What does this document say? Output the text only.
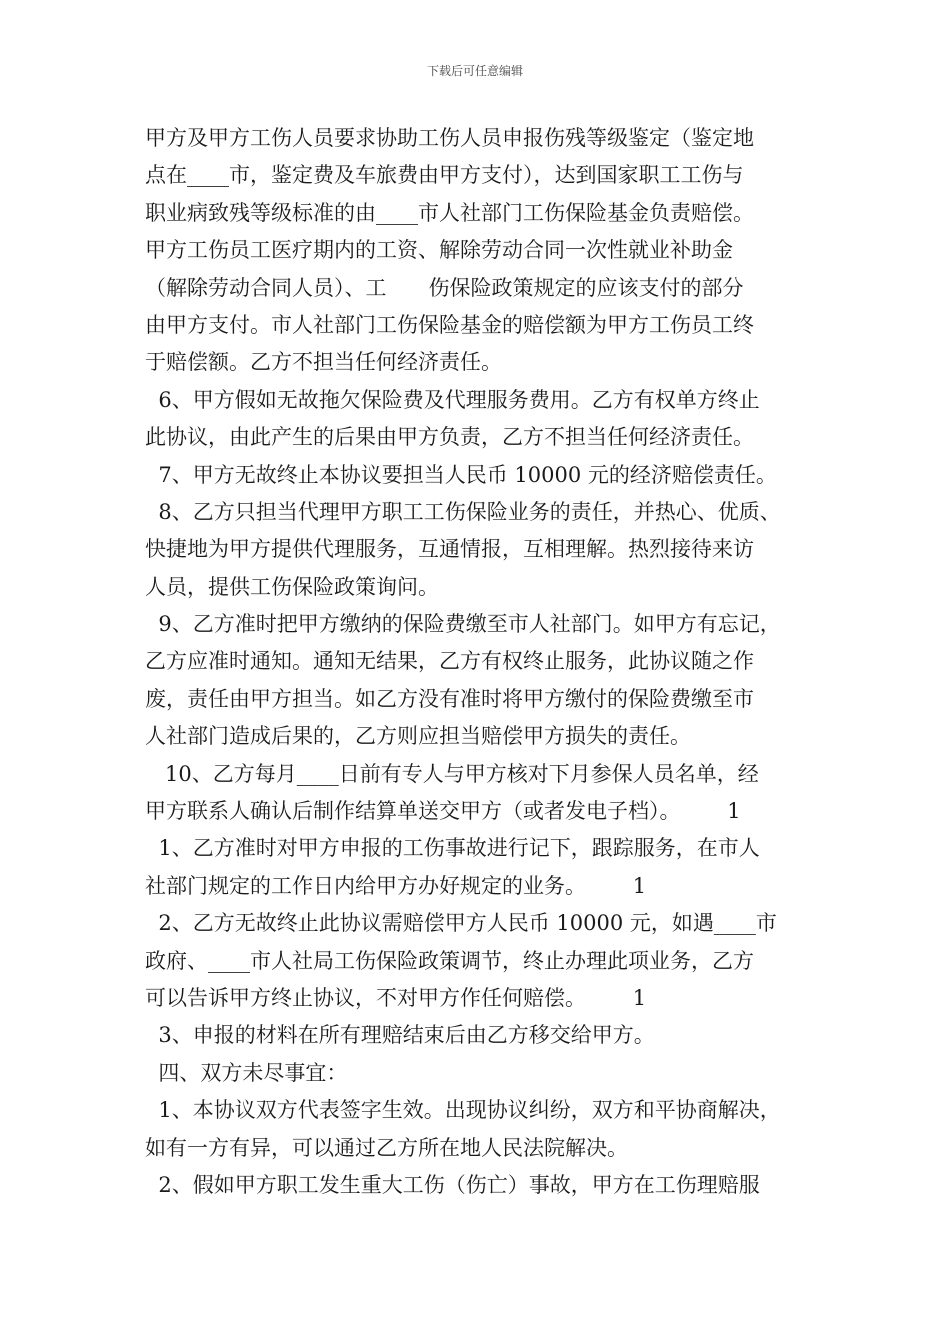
下载后可任意编辑
甲方及甲方工伤人员要求协助工伤人员申报伤残等级鉴定（鉴定地
点在____市，鉴定费及车旅费由甲方支付），达到国家职工工伤与
职业病致残等级标准的由____市人社部门工伤保险基金负责赔偿。
甲方工伤员工医疗期内的工资、解除劳动合同一次性就业补助金
（解除劳动合同人员）、工　　伤保险政策规定的应该支付的部分
由甲方支付。市人社部门工伤保险基金的赔偿额为甲方工伤员工终
于赔偿额。乙方不担当任何经济责任。
6、甲方假如无故拖欠保险费及代理服务费用。乙方有权单方终止
此协议，由此产生的后果由甲方负责，乙方不担当任何经济责任。
7、甲方无故终止本协议要担当人民币 10000 元的经济赔偿责任。
8、乙方只担当代理甲方职工工伤保险业务的责任，并热心、优质、
快捷地为甲方提供代理服务，互通情报，互相理解。热烈接待来访
人员，提供工伤保险政策询问。
9、乙方准时把甲方缴纳的保险费缴至市人社部门。如甲方有忘记，
乙方应准时通知。通知无结果，乙方有权终止服务，此协议随之作
废，责任由甲方担当。如乙方没有准时将甲方缴付的保险费缴至市
人社部门造成后果的，乙方则应担当赔偿甲方损失的责任。
10、乙方每月____日前有专人与甲方核对下月参保人员名单，经
甲方联系人确认后制作结算单送交甲方（或者发电子档）。       1
1、乙方准时对甲方申报的工伤事故进行记下，跟踪服务，在市人
社部门规定的工作日内给甲方办好规定的业务。       1
2、乙方无故终止此协议需赔偿甲方人民币 10000 元，如遇____市
政府、____市人社局工伤保险政策调节，终止办理此项业务，乙方
可以告诉甲方终止协议，不对甲方作任何赔偿。       1
3、申报的材料在所有理赔结束后由乙方移交给甲方。
四、双方未尽事宜：
1、本协议双方代表签字生效。出现协议纠纷，双方和平协商解决，
如有一方有异，可以通过乙方所在地人民法院解决。
2、假如甲方职工发生重大工伤（伤亡）事故，甲方在工伤理赔服
